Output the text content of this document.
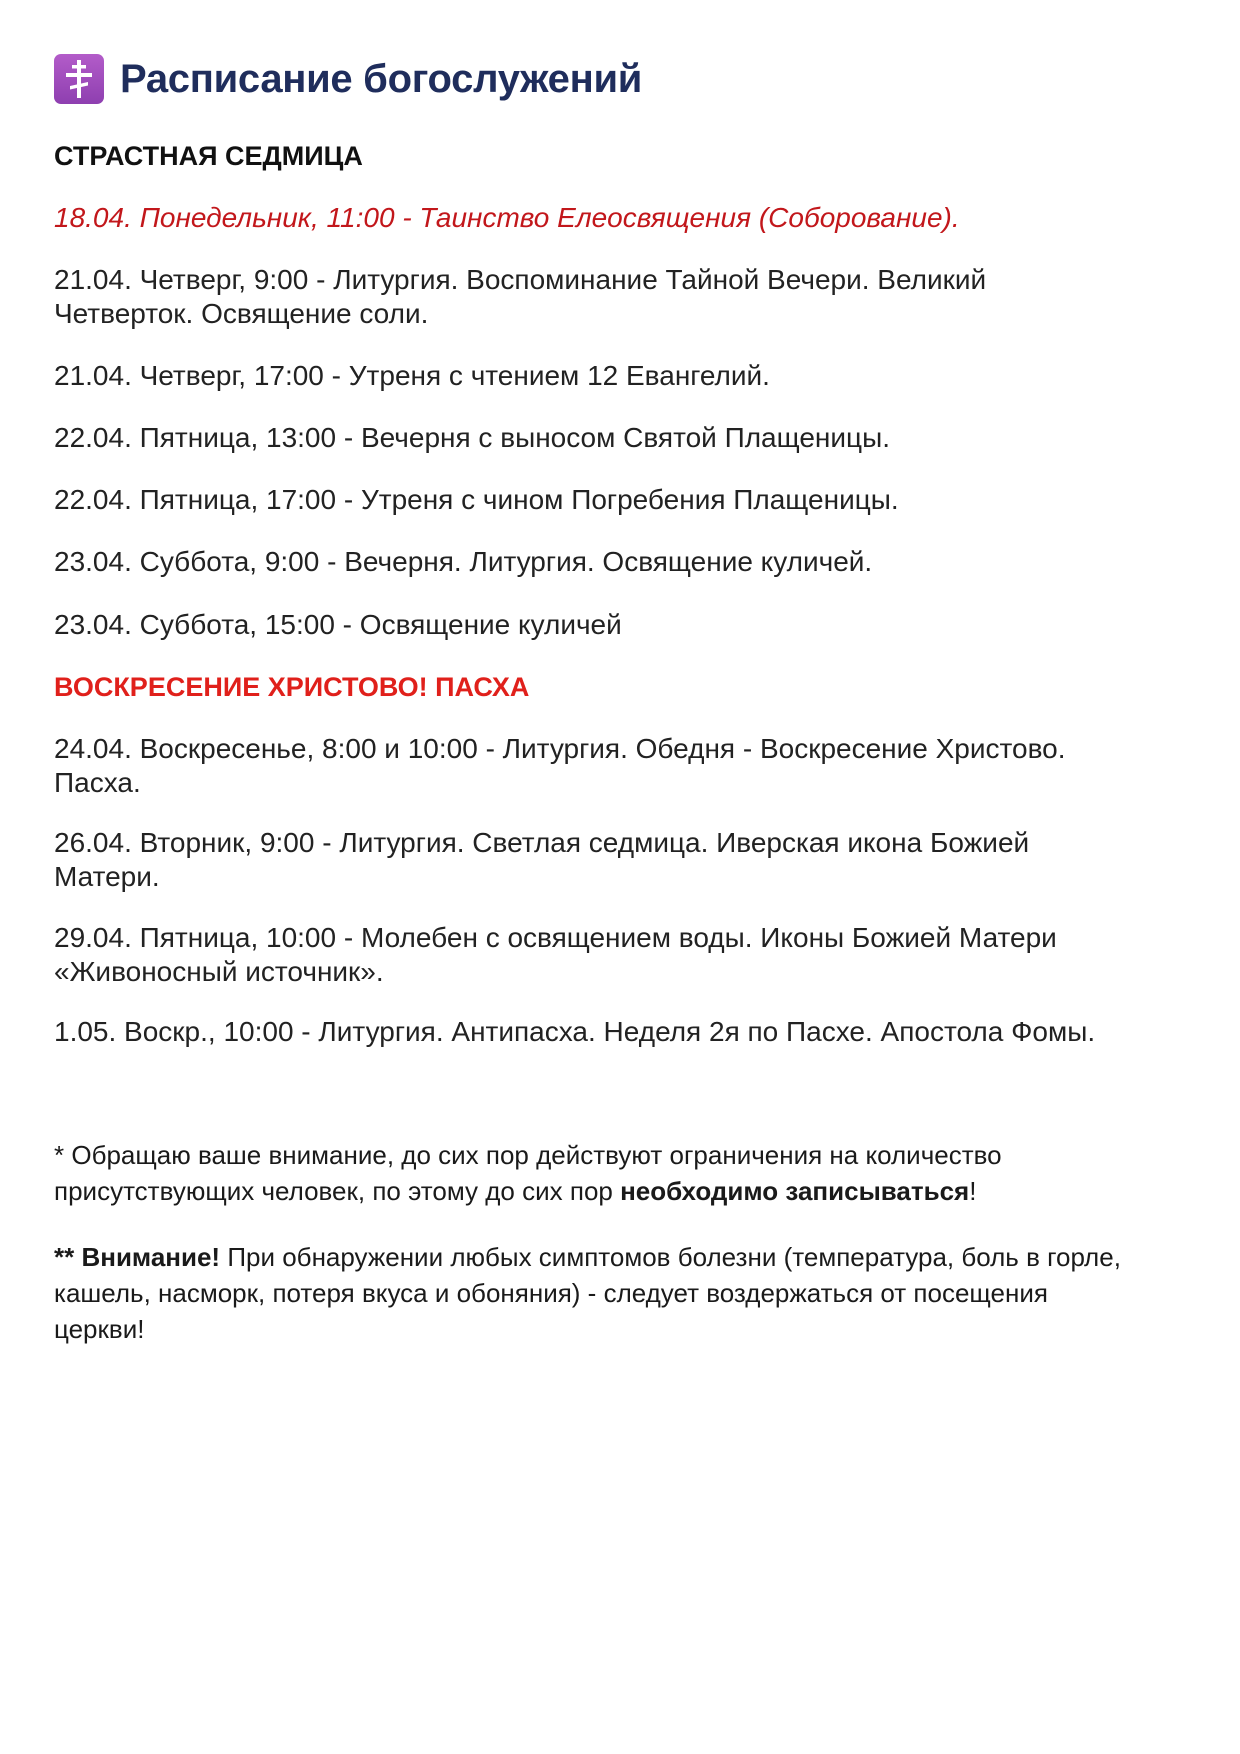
Расписание богослужений
СТРАСТНАЯ СЕДМИЦА
18.04. Понедельник, 11:00 - Таинство Елеосвящения (Соборование).
21.04. Четверг, 9:00 - Литургия. Воспоминание Тайной Вечери. Великий
Четверток. Освящение соли.
21.04. Четверг, 17:00 - Утреня с чтением 12 Евангелий.
22.04. Пятница, 13:00 - Вечерня с выносом Святой Плащеницы.
22.04. Пятница, 17:00 - Утреня с чином Погребения Плащеницы.
23.04. Суббота, 9:00 - Вечерня. Литургия. Освящение куличей.
23.04. Суббота, 15:00 - Освящение куличей
ВОСКРЕСЕНИЕ ХРИСТОВО! ПАСХА
24.04. Воскресенье, 8:00 и 10:00 - Литургия. Обедня - Воскресение Христово.
Пасха.
26.04. Вторник, 9:00 - Литургия. Светлая седмица. Иверская икона Божией
Матери.
29.04. Пятница, 10:00 - Молебен с освящением воды. Иконы Божией Матери
«Живоносный источник».
1.05. Воскр., 10:00 - Литургия. Антипасха. Неделя 2я по Пасхе. Апостола Фомы.
* Обращаю ваше внимание, до сих пор действуют ограничения на количество
присутствующих человек, по этому до сих пор необходимо записываться!
** Внимание! При обнаружении любых симптомов болезни (температура, боль в горле,
кашель, насморк, потеря вкуса и обоняния) - следует воздержаться от посещения
церкви!
